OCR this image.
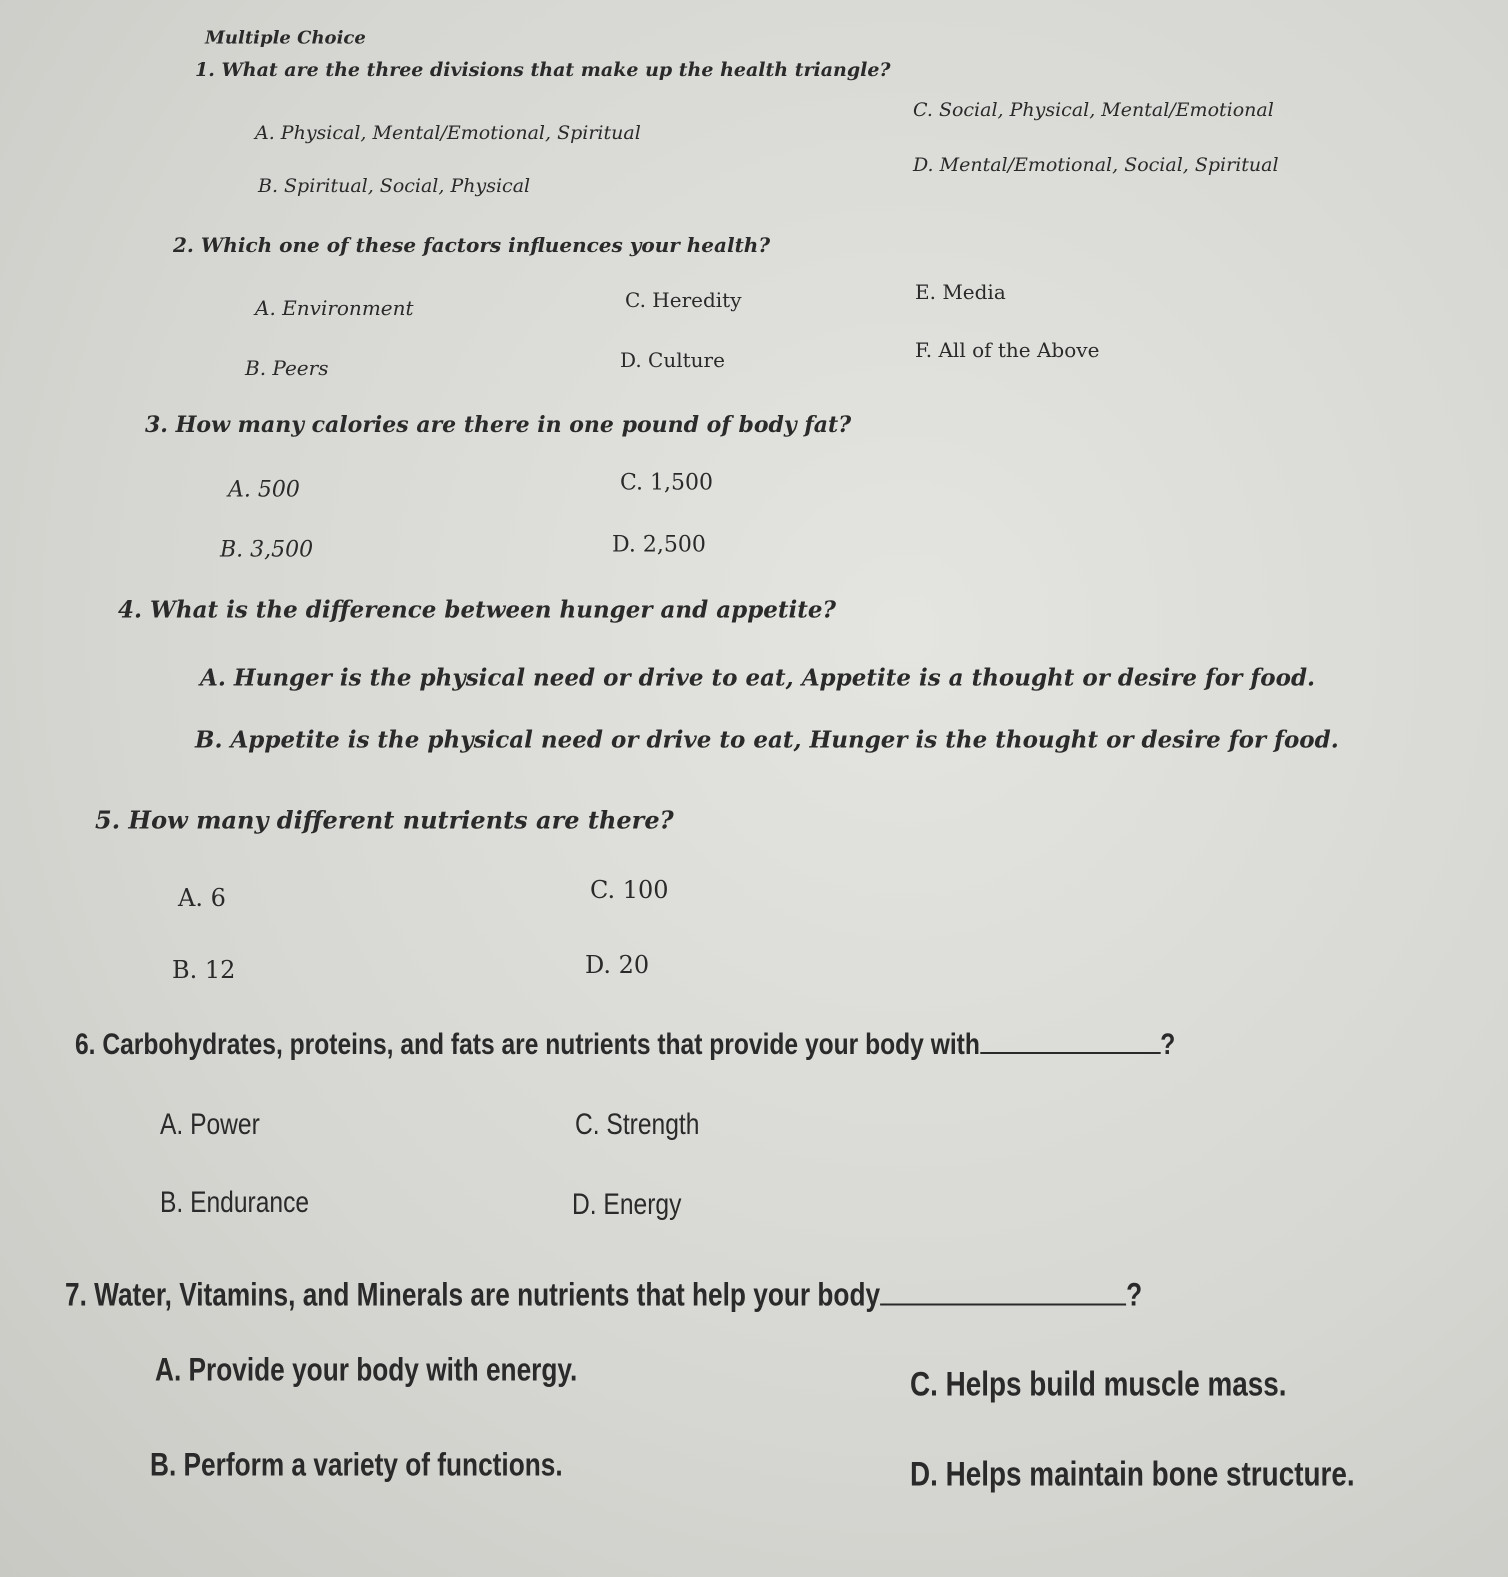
Multiple Choice
1. What are the three divisions that make up the health triangle?
A. Physical, Mental/Emotional, Spiritual
B. Spiritual, Social, Physical
C. Social, Physical, Mental/Emotional
D. Mental/Emotional, Social, Spiritual
2. Which one of these factors influences your health?
A. Environment
B. Peers
C. Heredity
D. Culture
E. Media
F. All of the Above
3. How many calories are there in one pound of body fat?
A. 500
B. 3,500
C. 1,500
D. 2,500
4. What is the difference between hunger and appetite?
A. Hunger is the physical need or drive to eat, Appetite is a thought or desire for food.
B. Appetite is the physical need or drive to eat, Hunger is the thought or desire for food.
5. How many different nutrients are there?
A. 6
B. 12
C. 100
D. 20
6. Carbohydrates, proteins, and fats are nutrients that provide your body with	?
A. Power
B. Endurance
C. Strength
D. Energy
7. Water, Vitamins, and Minerals are nutrients that help your body	?
A. Provide your body with energy.
B. Perform a variety of functions.
C. Helps build muscle mass.
D. Helps maintain bone structure.
